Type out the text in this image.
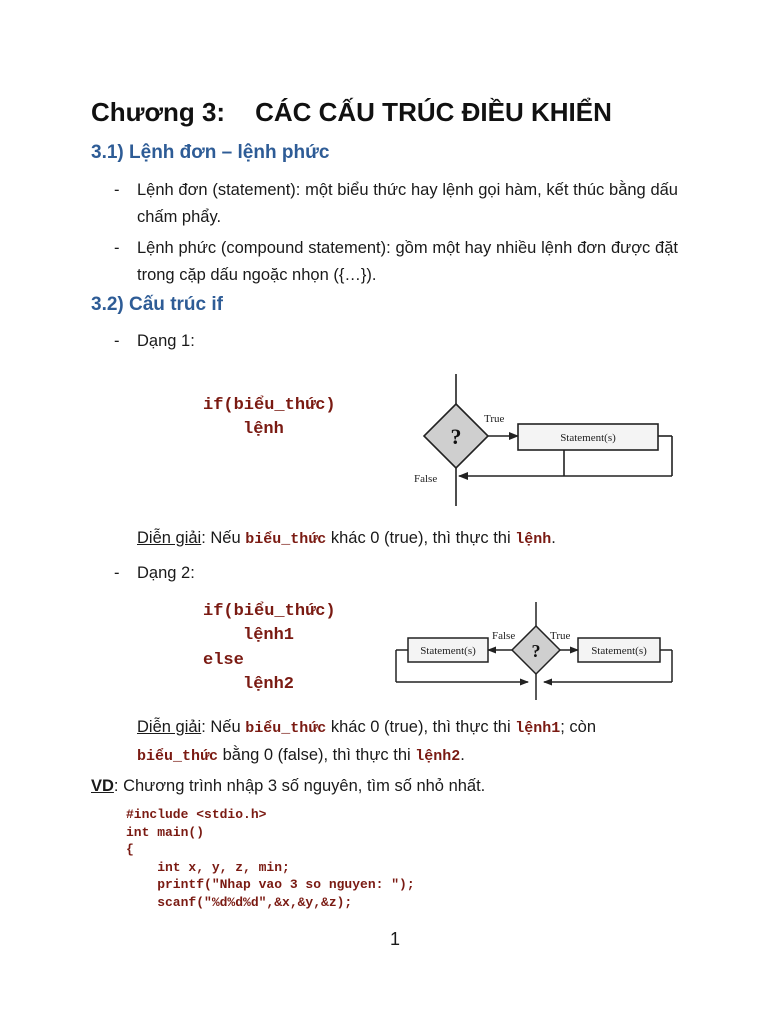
Chương 3: CÁC CẤU TRÚC ĐIỀU KHIỂN
3.1) Lệnh đơn – lệnh phức
- Lệnh đơn (statement): một biểu thức hay lệnh gọi hàm, kết thúc bằng dấu chấm phẩy.
- Lệnh phức (compound statement): gồm một hay nhiều lệnh đơn được đặt trong cặp dấu ngoặc nhọn ({…}).
3.2) Cấu trúc if
- Dạng 1:
if(biểu_thức)
lệnh	?
True
False
Statement(s)
Diễn giải: Nếu biểu_thức khác 0 (true), thì thực thi lệnh.
- Dạng 2:
if(biểu_thức)
lệnh1
else
lệnh2
?
False	True
Statement(s)	Statement(s)
Diễn giải: Nếu biểu_thức khác 0 (true), thì thực thi lệnh1; còn
biểu_thức bằng 0 (false), thì thực thi lệnh2.
VD: Chương trình nhập 3 số nguyên, tìm số nhỏ nhất.
#include <stdio.h>
int main()
{
int x, y, z, min;
printf("Nhap vao 3 so nguyen: ");
scanf("%d%d%d",&x,&y,&z);
1
